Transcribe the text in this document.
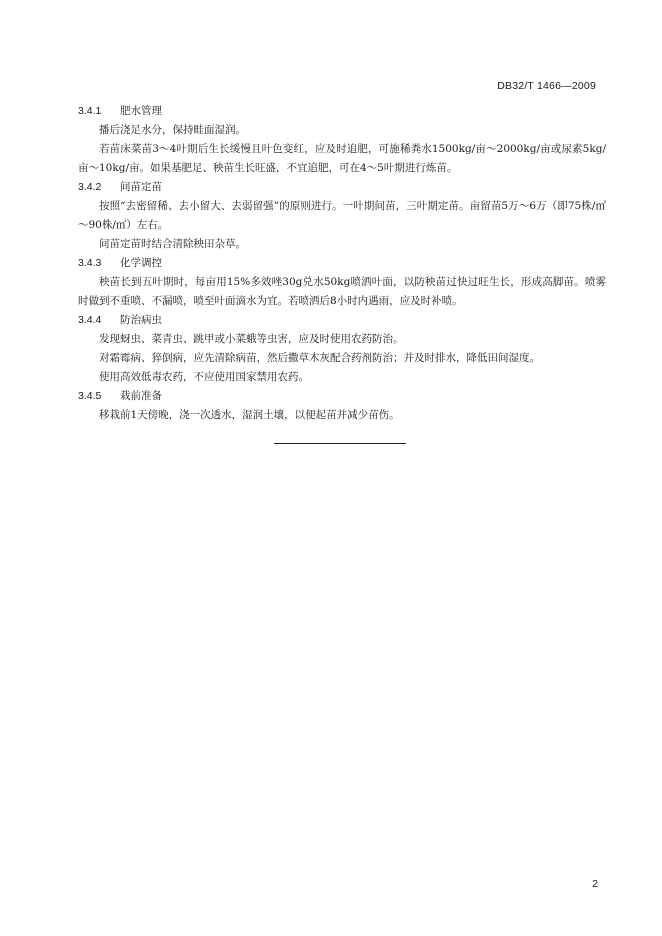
DB32/T 1466—2009
3.4.1 肥水管理
播后浇足水分，保持畦面湿润。
若苗床菜苗3～4叶期后生长缓慢且叶色变红，应及时追肥，可施稀粪水1500kg/亩～2000kg/亩或尿素5kg/亩～10kg/亩。如果基肥足、秧苗生长旺盛，不宜追肥，可在4～5叶期进行炼苗。
3.4.2 间苗定苗
按照“去密留稀、去小留大、去弱留强”的原则进行。一叶期间苗，三叶期定苗。亩留苗5万～6万（即75株/㎡～90株/㎡）左右。
间苗定苗时结合清除秧田杂草。
3.4.3 化学调控
秧苗长到五叶期时，每亩用15%多效唑30g兑水50kg喷洒叶面，以防秧苗过快过旺生长，形成高脚苗。喷雾时做到不重喷、不漏喷，喷至叶面滴水为宜。若喷洒后8小时内遇雨，应及时补喷。
3.4.4 防治病虫
发现蚜虫、菜青虫、跳甲或小菜蛾等虫害，应及时使用农药防治。
对霜霉病、猝倒病，应先清除病苗，然后撒草木灰配合药剂防治；并及时排水，降低田间湿度。
使用高效低毒农药，不应使用国家禁用农药。
3.4.5 栽前准备
移栽前1天傍晚，浇一次透水，湿润土壤，以便起苗并减少苗伤。
2
